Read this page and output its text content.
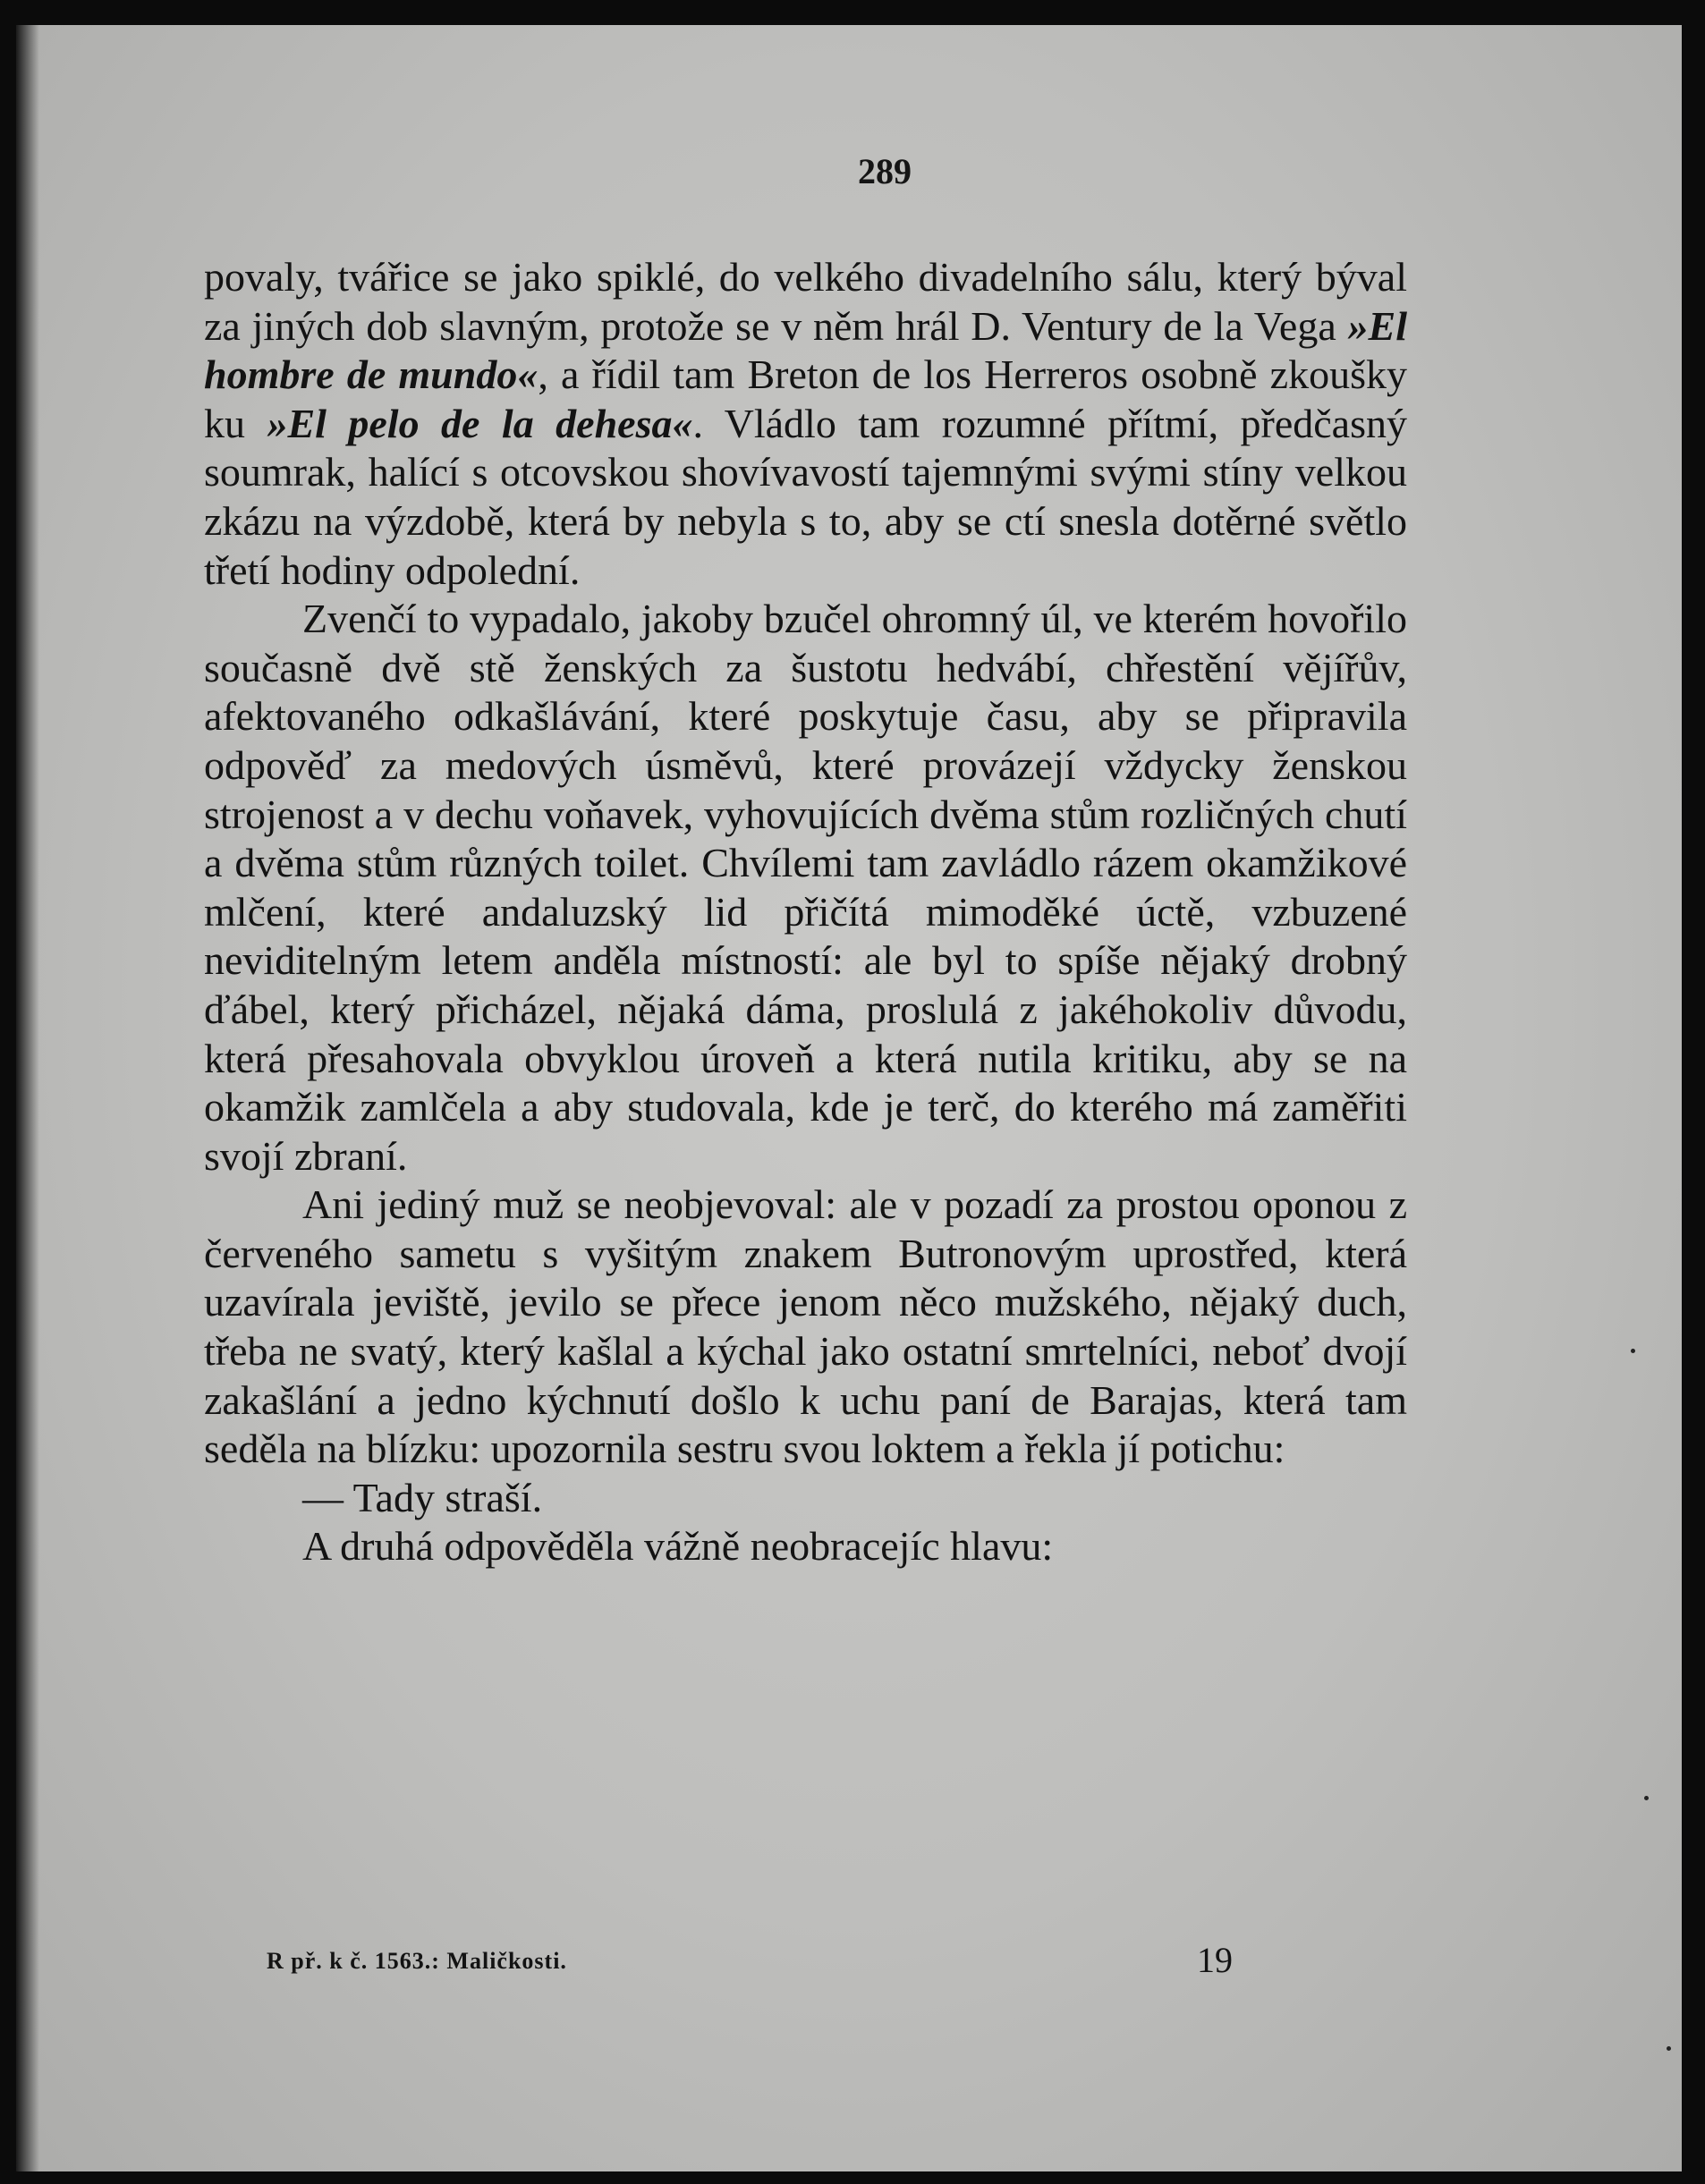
289

povaly, tvářice se jako spiklé, do velkého divadelního sálu, který býval za jiných dob slavným, protože se v něm hrál D. Ventury de la Vega »El hombre de mundo«, a řídil tam Breton de los Herreros osobně zkoušky ku »El pelo de la dehesa«. Vládlo tam rozumné přítmí, předčasný soumrak, halící s otcovskou shovívavostí tajemnými svými stíny velkou zkázu na výzdobě, která by nebyla s to, aby se ctí snesla dotěrné světlo třetí hodiny odpolední.

Zvenčí to vypadalo, jakoby bzučel ohromný úl, ve kterém hovořilo současně dvě stě ženských za šustotu hedvábí, chřestění vějířův, afektovaného odkašlávání, které poskytuje času, aby se připravila odpověď za medových úsměvů, které provázejí vždycky ženskou strojenost a v dechu voňavek, vyhovujících dvěma stům rozličných chutí a dvěma stům různých toilet. Chvílemi tam zavládlo rázem okamžikové mlčení, které andaluzský lid přičítá mimoděké úctě, vzbuzené neviditelným letem anděla místností: ale byl to spíše nějaký drobný ďábel, který přicházel, nějaká dáma, proslulá z jakéhokoliv důvodu, která přesahovala obvyklou úroveň a která nutila kritiku, aby se na okamžik zamlčela a aby studovala, kde je terč, do kterého má zaměřiti svojí zbraní.

Ani jediný muž se neobjevoval: ale v pozadí za prostou oponou z červeného sametu s vyšitým znakem Butronovým uprostřed, která uzavírala jeviště, jevilo se přece jenom něco mužského, nějaký duch, třeba ne svatý, který kašlal a kýchal jako ostatní smrtelníci, neboť dvojí zakašlání a jedno kýchnutí došlo k uchu paní de Barajas, která tam seděla na blízku: upozornila sestru svou loktem a řekla jí potichu:

— Tady straší.

A druhá odpověděla vážně neobracejíc hlavu:

R př. k č. 1563.: Maličkosti.	19
